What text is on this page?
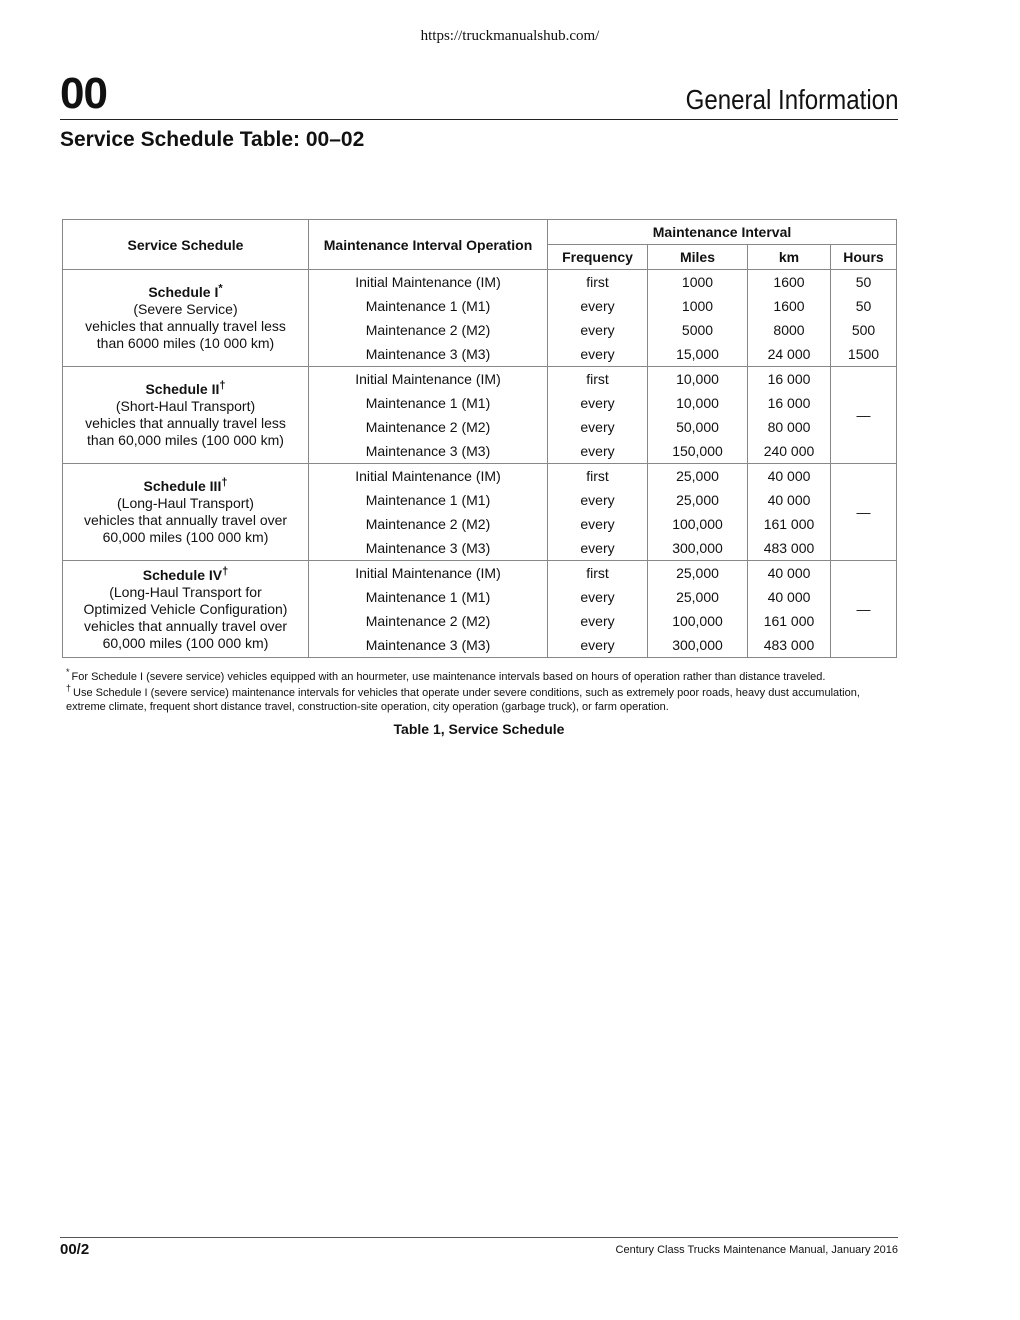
https://truckmanualshub.com/
00	General Information
Service Schedule Table: 00–02
Service Schedule	Maintenance Interval Operation	Maintenance Interval			
		Frequency	Miles	km	Hours

Schedule I*
(Severe Service)
vehicles that annually travel less
than 6000 miles (10 000 km)	Initial Maintenance (IM)	first	1000	1600	50
	Maintenance 1 (M1)	every	1000	1600	50
	Maintenance 2 (M2)	every	5000	8000	500
	Maintenance 3 (M3)	every	15,000	24 000	1500

Schedule II†
(Short-Haul Transport)
vehicles that annually travel less
than 60,000 miles (100 000 km)	Initial Maintenance (IM)	first	10,000	16 000	—
	Maintenance 1 (M1)	every	10,000	16 000	
	Maintenance 2 (M2)	every	50,000	80 000	
	Maintenance 3 (M3)	every	150,000	240 000	

Schedule III†
(Long-Haul Transport)
vehicles that annually travel over
60,000 miles (100 000 km)	Initial Maintenance (IM)	first	25,000	40 000	—
	Maintenance 1 (M1)	every	25,000	40 000	
	Maintenance 2 (M2)	every	100,000	161 000	
	Maintenance 3 (M3)	every	300,000	483 000	

Schedule IV†
(Long-Haul Transport for
Optimized Vehicle Configuration)
vehicles that annually travel over
60,000 miles (100 000 km)	Initial Maintenance (IM)	first	25,000	40 000	—
	Maintenance 1 (M1)	every	25,000	40 000	
	Maintenance 2 (M2)	every	100,000	161 000	
	Maintenance 3 (M3)	every	300,000	483 000	

* For Schedule I (severe service) vehicles equipped with an hourmeter, use maintenance intervals based on hours of operation rather than distance traveled.

† Use Schedule I (severe service) maintenance intervals for vehicles that operate under severe conditions, such as extremely poor roads, heavy dust accumulation, extreme climate, frequent short distance travel, construction-site operation, city operation (garbage truck), or farm operation.

Table 1, Service Schedule
00/2	Century Class Trucks Maintenance Manual, January 2016
